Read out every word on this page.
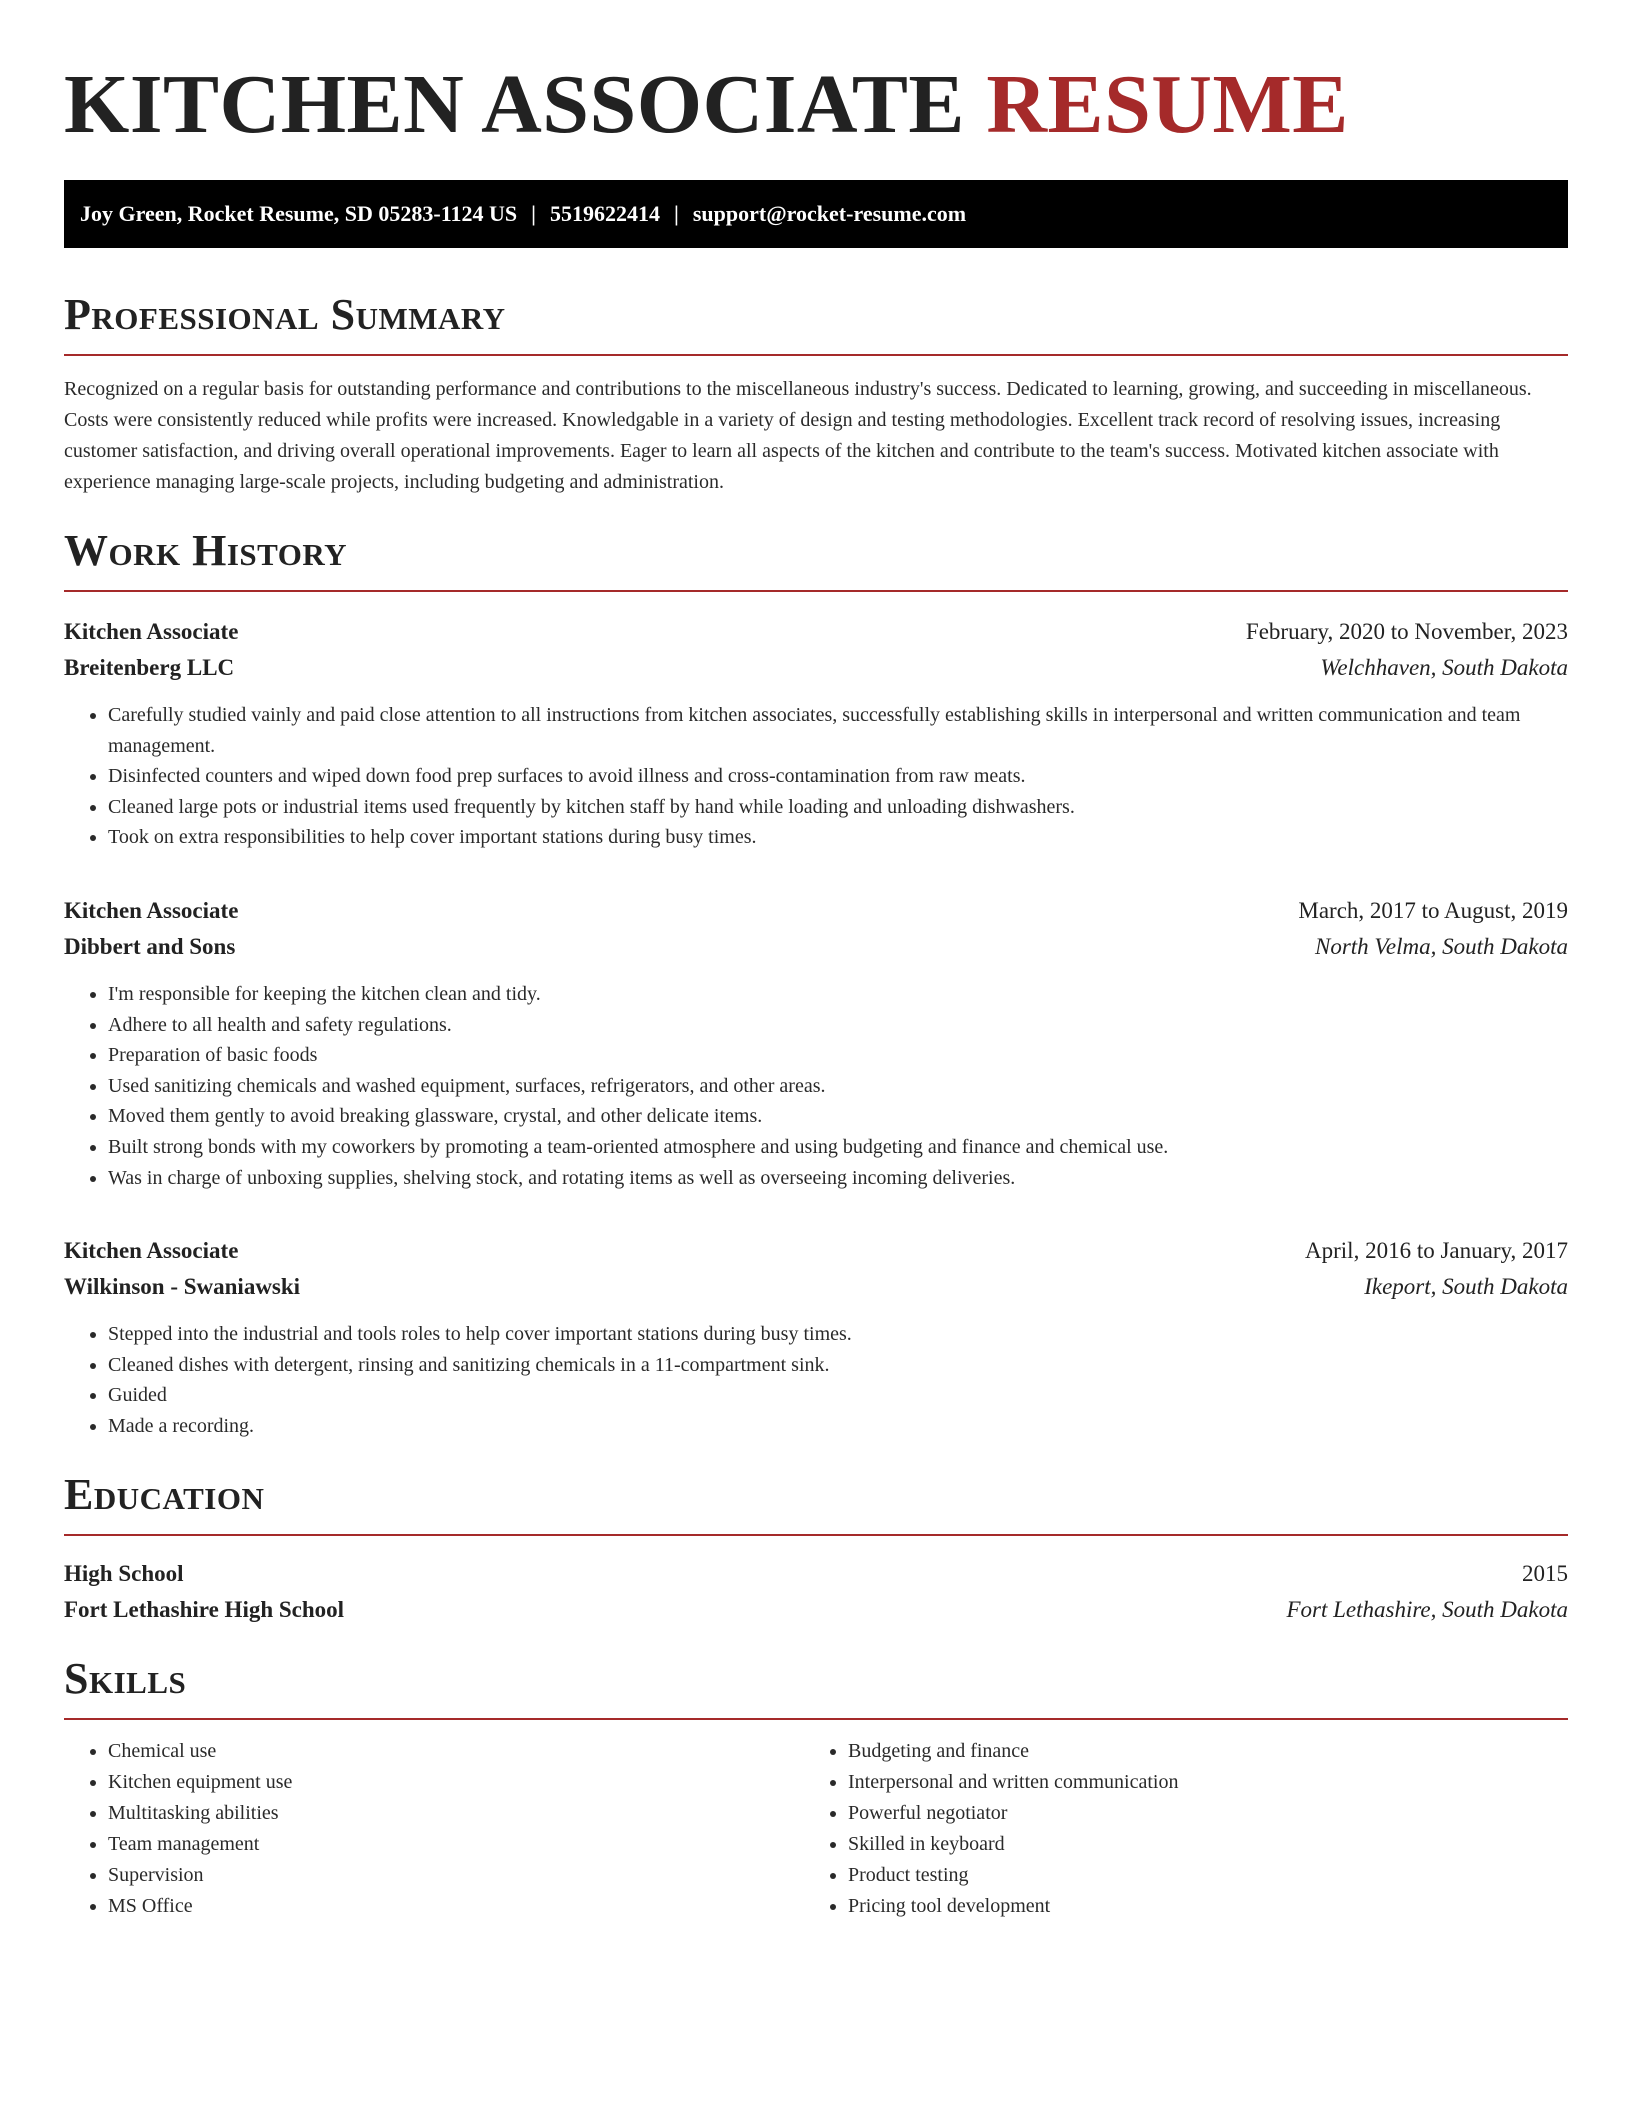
KITCHEN ASSOCIATE RESUME
Joy Green, Rocket Resume, SD 05283-1124 US | 5519622414 | support@rocket-resume.com
Professional Summary

Recognized on a regular basis for outstanding performance and contributions to the miscellaneous industry's success. Dedicated to learning, growing, and succeeding in miscellaneous. Costs were consistently reduced while profits were increased. Knowledgable in a variety of design and testing methodologies. Excellent track record of resolving issues, increasing customer satisfaction, and driving overall operational improvements. Eager to learn all aspects of the kitchen and contribute to the team's success. Motivated kitchen associate with experience managing large-scale projects, including budgeting and administration.

Work History
Kitchen Associate	February, 2020 to November, 2023
Breitenberg LLC	Welchhaven, South Dakota
• Carefully studied vainly and paid close attention to all instructions from kitchen associates, successfully establishing skills in interpersonal and written communication and team management.
• Disinfected counters and wiped down food prep surfaces to avoid illness and cross-contamination from raw meats.
• Cleaned large pots or industrial items used frequently by kitchen staff by hand while loading and unloading dishwashers.
• Took on extra responsibilities to help cover important stations during busy times.
Kitchen Associate	March, 2017 to August, 2019
Dibbert and Sons	North Velma, South Dakota
• I'm responsible for keeping the kitchen clean and tidy.
• Adhere to all health and safety regulations.
• Preparation of basic foods
• Used sanitizing chemicals and washed equipment, surfaces, refrigerators, and other areas.
• Moved them gently to avoid breaking glassware, crystal, and other delicate items.
• Built strong bonds with my coworkers by promoting a team-oriented atmosphere and using budgeting and finance and chemical use.
• Was in charge of unboxing supplies, shelving stock, and rotating items as well as overseeing incoming deliveries.
Kitchen Associate	April, 2016 to January, 2017
Wilkinson - Swaniawski	Ikeport, South Dakota
• Stepped into the industrial and tools roles to help cover important stations during busy times.
• Cleaned dishes with detergent, rinsing and sanitizing chemicals in a 11-compartment sink.
• Guided
• Made a recording.
Education
High School	2015
Fort Lethashire High School	Fort Lethashire, South Dakota
Skills
• Chemical use
• Kitchen equipment use
• Multitasking abilities
• Team management
• Supervision
• MS Office
• Budgeting and finance
• Interpersonal and written communication
• Powerful negotiator
• Skilled in keyboard
• Product testing
• Pricing tool development
